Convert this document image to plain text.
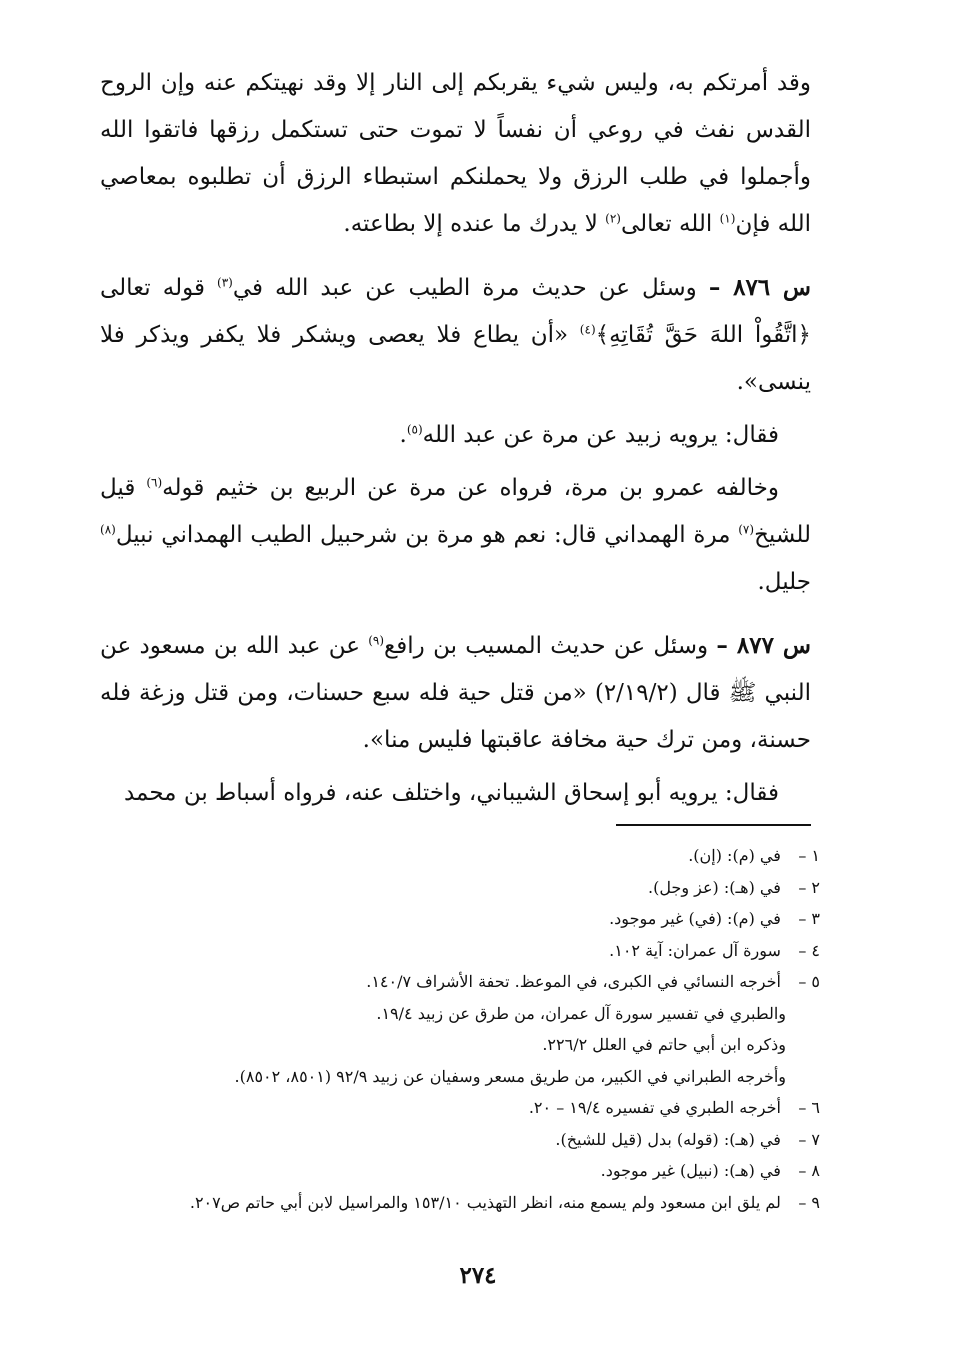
وقد أمرتكم به، وليس شيء يقربكم إلى النار إلا وقد نهيتكم عنه وإن الروح القدس نفث في روعي أن نفساً لا تموت حتى تستكمل رزقها فاتقوا الله وأجملوا في طلب الرزق ولا يحملنكم استبطاء الرزق أن تطلبوه بمعاصي الله فإن$^{(١)}$ الله تعالى$^{(٢)}$ لا يدرك ما عنده إلا بطاعته.

س ٨٧٦ – وسئل عن حديث مرة الطيب عن عبد الله في$^{(٣)}$ قوله تعالى ﴿اتَّقُواْ اللهَ حَقَّ تُقَاتِهِ﴾$^{(٤)}$ «أن يطاع فلا يعصى ويشكر فلا يكفر ويذكر فلا ينسى».

فقال: يرويه زبيد عن مرة عن عبد الله$^{(٥)}$.

وخالفه عمرو بن مرة، فرواه عن مرة عن الربيع بن خثيم قوله$^{(٦)}$ قيل للشيخ$^{(٧)}$ مرة الهمداني قال: نعم هو مرة بن شرحبيل الطيب الهمداني نبيل$^{(٨)}$ جليل.

س ٨٧٧ – وسئل عن حديث المسيب بن رافع$^{(٩)}$ عن عبد الله بن مسعود عن النبي ﷺ قال (٢/١٩/٢) «من قتل حية فله سبع حسنات، ومن قتل وزغة فله حسنة، ومن ترك حية مخافة عاقبتها فليس منا».

فقال: يرويه أبو إسحاق الشيباني، واختلف عنه، فرواه أسباط بن محمد

١ – في (م): (إن).

٢ – في (هـ): (عز وجل).

٣ – في (م): (في) غير موجود.

٤ – سورة آل عمران: آية ١٠٢.

٥ – أخرجه النسائي في الكبرى، في الموعظ. تحفة الأشراف ١٤٠/٧.

والطبري في تفسير سورة آل عمران، من طرق عن زبيد ١٩/٤.

وذكره ابن أبي حاتم في العلل ٢٢٦/٢.

وأخرجه الطبراني في الكبير، من طريق مسعر وسفيان عن زبيد ٩٢/٩ (٨٥٠١، ٨٥٠٢).

٦ – أخرجه الطبري في تفسيره ١٩/٤ – ٢٠.

٧ – في (هـ): (قوله) بدل (قيل للشيخ).

٨ – في (هـ): (نبيل) غير موجود.

٩ – لم يلق ابن مسعود ولم يسمع منه، انظر التهذيب ١٥٣/١٠ والمراسيل لابن أبي حاتم ص٢٠٧.

٢٧٤
